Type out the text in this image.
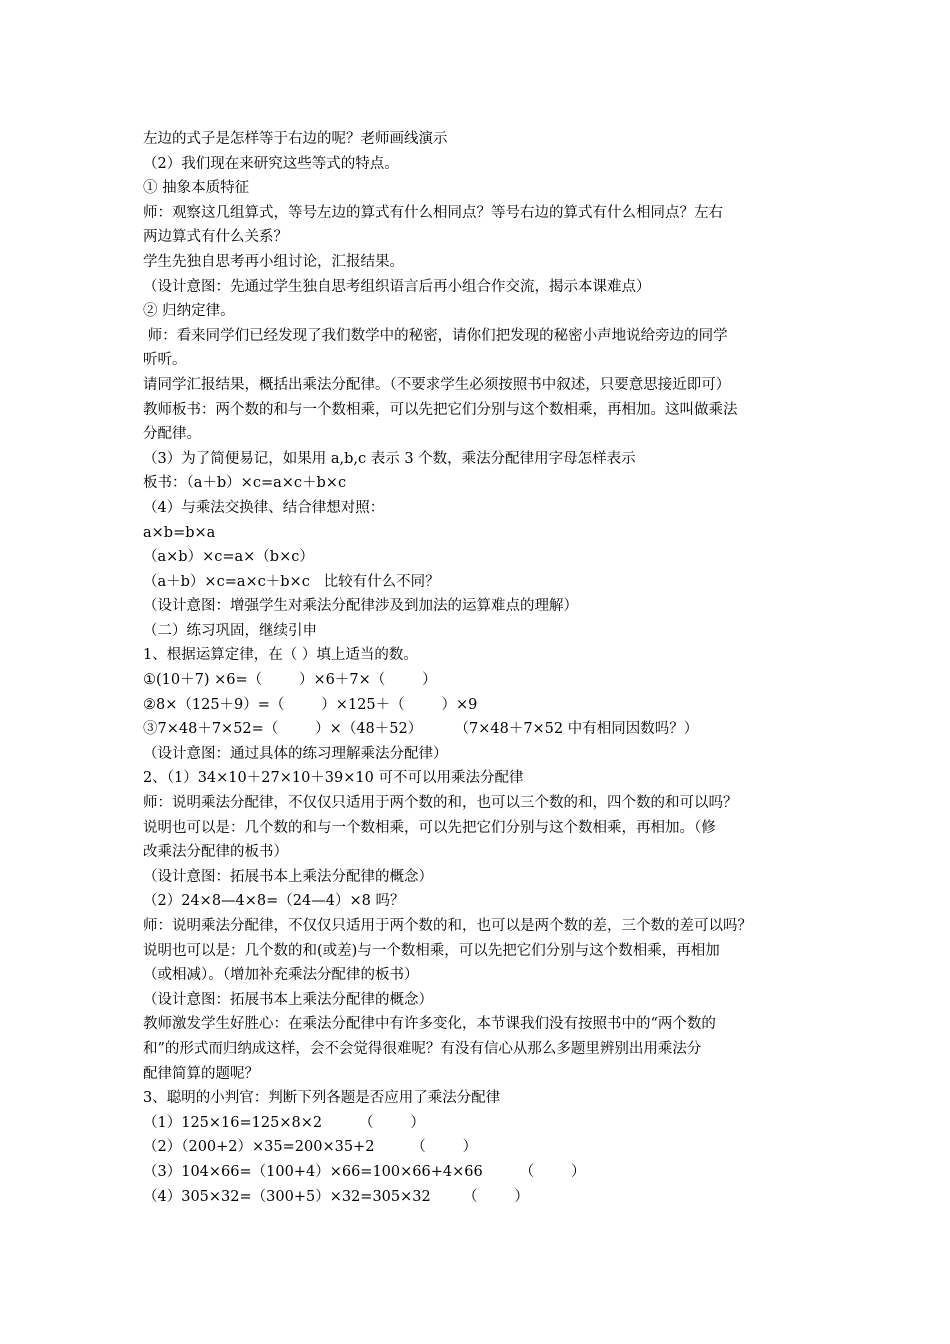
左边的式子是怎样等于右边的呢？老师画线演示
（2）我们现在来研究这些等式的特点。
① 抽象本质特征
师：观察这几组算式，等号左边的算式有什么相同点？等号右边的算式有什么相同点？左右
两边算式有什么关系？
学生先独自思考再小组讨论，汇报结果。
（设计意图：先通过学生独自思考组织语言后再小组合作交流，揭示本课难点）
② 归纳定律。
师：看来同学们已经发现了我们数学中的秘密，请你们把发现的秘密小声地说给旁边的同学
听听。
请同学汇报结果，概括出乘法分配律。（不要求学生必须按照书中叙述，只要意思接近即可）
教师板书：两个数的和与一个数相乘，可以先把它们分别与这个数相乘，再相加。这叫做乘法
分配律。
（3）为了简便易记，如果用 a,b,c 表示 3 个数，乘法分配律用字母怎样表示
板书：（a＋b）×c=a×c＋b×c
（4）与乘法交换律、结合律想对照：
a×b=b×a
（a×b）×c=a×（b×c）
（a＋b）×c=a×c＋b×c   比较有什么不同？
（设计意图：增强学生对乘法分配律涉及到加法的运算难点的理解）
（二）练习巩固，继续引申
1、根据运算定律，在（ ）填上适当的数。
①(10＋7) ×6=（        ）×6＋7×（        ）
②8×（125＋9）=（        ）×125＋（        ）×9
③7×48＋7×52=（        ）×（48＋52）       （7×48＋7×52 中有相同因数吗？）
（设计意图：通过具体的练习理解乘法分配律）
2、（1）34×10＋27×10＋39×10 可不可以用乘法分配律
师：说明乘法分配律，不仅仅只适用于两个数的和，也可以三个数的和，四个数的和可以吗？
说明也可以是：几个数的和与一个数相乘，可以先把它们分别与这个数相乘，再相加。（修
改乘法分配律的板书）
（设计意图：拓展书本上乘法分配律的概念）
（2）24×8—4×8=（24—4）×8 吗？
师：说明乘法分配律，不仅仅只适用于两个数的和，也可以是两个数的差，三个数的差可以吗？
说明也可以是：几个数的和(或差)与一个数相乘，可以先把它们分别与这个数相乘，再相加
（或相减）。（增加补充乘法分配律的板书）
（设计意图：拓展书本上乘法分配律的概念）
教师激发学生好胜心：在乘法分配律中有许多变化，本节课我们没有按照书中的“两个数的
和”的形式而归纳成这样，会不会觉得很难呢？有没有信心从那么多题里辨别出用乘法分
配律简算的题呢？
3、聪明的小判官：判断下列各题是否应用了乘法分配律
（1）125×16=125×8×2        （        ）
（2）（200+2）×35=200×35+2        （        ）
（3）104×66=（100+4）×66=100×66+4×66        （        ）
（4）305×32=（300+5）×32=305×32       （        ）
